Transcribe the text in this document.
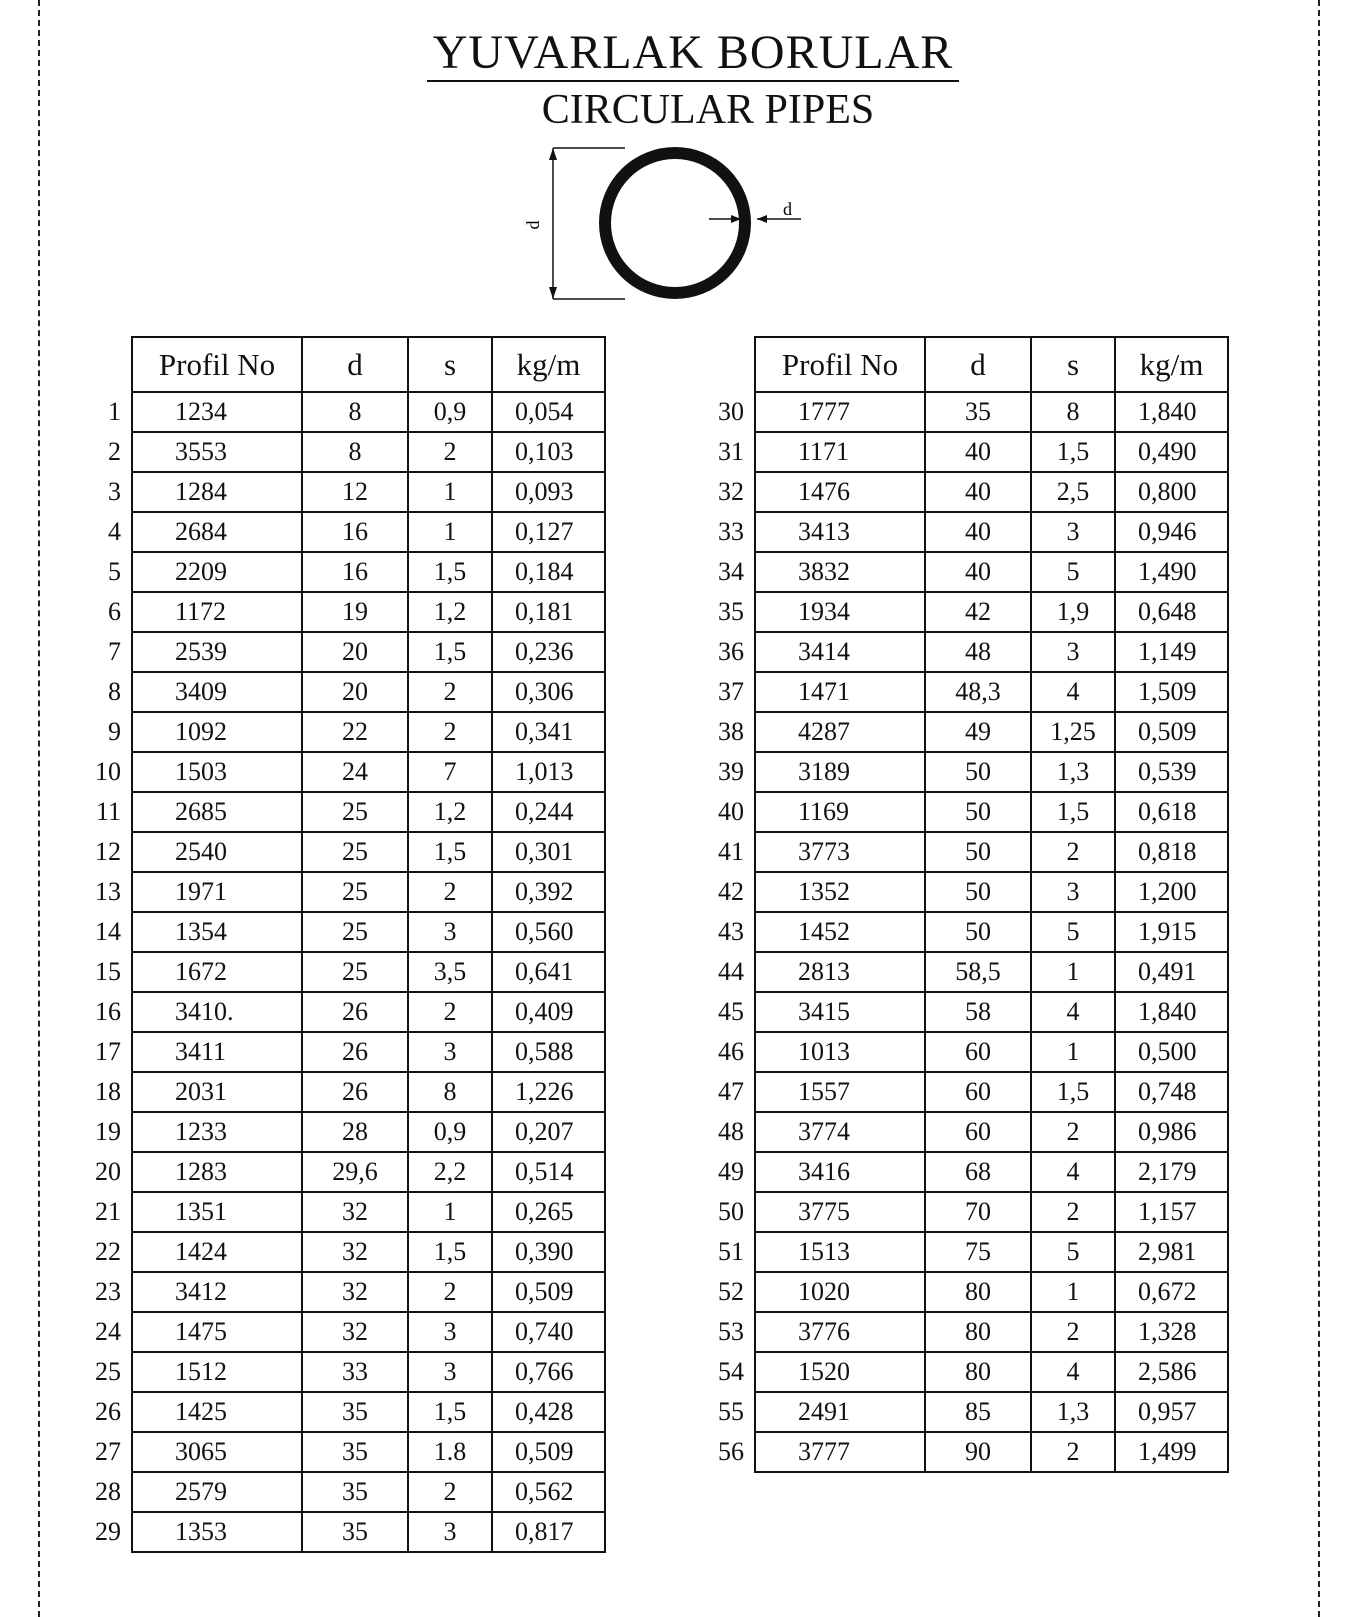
YUVARLAK BORULAR
CIRCULAR PIPES
d
d
	Profil No	d	s	kg/m
1	1234	8	0,9	0,054
2	3553	8	2	0,103
3	1284	12	1	0,093
4	2684	16	1	0,127
5	2209	16	1,5	0,184
6	1172	19	1,2	0,181
7	2539	20	1,5	0,236
8	3409	20	2	0,306
9	1092	22	2	0,341
10	1503	24	7	1,013
11	2685	25	1,2	0,244
12	2540	25	1,5	0,301
13	1971	25	2	0,392
14	1354	25	3	0,560
15	1672	25	3,5	0,641
16	3410.	26	2	0,409
17	3411	26	3	0,588
18	2031	26	8	1,226
19	1233	28	0,9	0,207
20	1283	29,6	2,2	0,514
21	1351	32	1	0,265
22	1424	32	1,5	0,390
23	3412	32	2	0,509
24	1475	32	3	0,740
25	1512	33	3	0,766
26	1425	35	1,5	0,428
27	3065	35	1.8	0,509
28	2579	35	2	0,562
29	1353	35	3	0,817
	Profil No	d	s	kg/m
30	1777	35	8	1,840
31	1171	40	1,5	0,490
32	1476	40	2,5	0,800
33	3413	40	3	0,946
34	3832	40	5	1,490
35	1934	42	1,9	0,648
36	3414	48	3	1,149
37	1471	48,3	4	1,509
38	4287	49	1,25	0,509
39	3189	50	1,3	0,539
40	1169	50	1,5	0,618
41	3773	50	2	0,818
42	1352	50	3	1,200
43	1452	50	5	1,915
44	2813	58,5	1	0,491
45	3415	58	4	1,840
46	1013	60	1	0,500
47	1557	60	1,5	0,748
48	3774	60	2	0,986
49	3416	68	4	2,179
50	3775	70	2	1,157
51	1513	75	5	2,981
52	1020	80	1	0,672
53	3776	80	2	1,328
54	1520	80	4	2,586
55	2491	85	1,3	0,957
56	3777	90	2	1,499
